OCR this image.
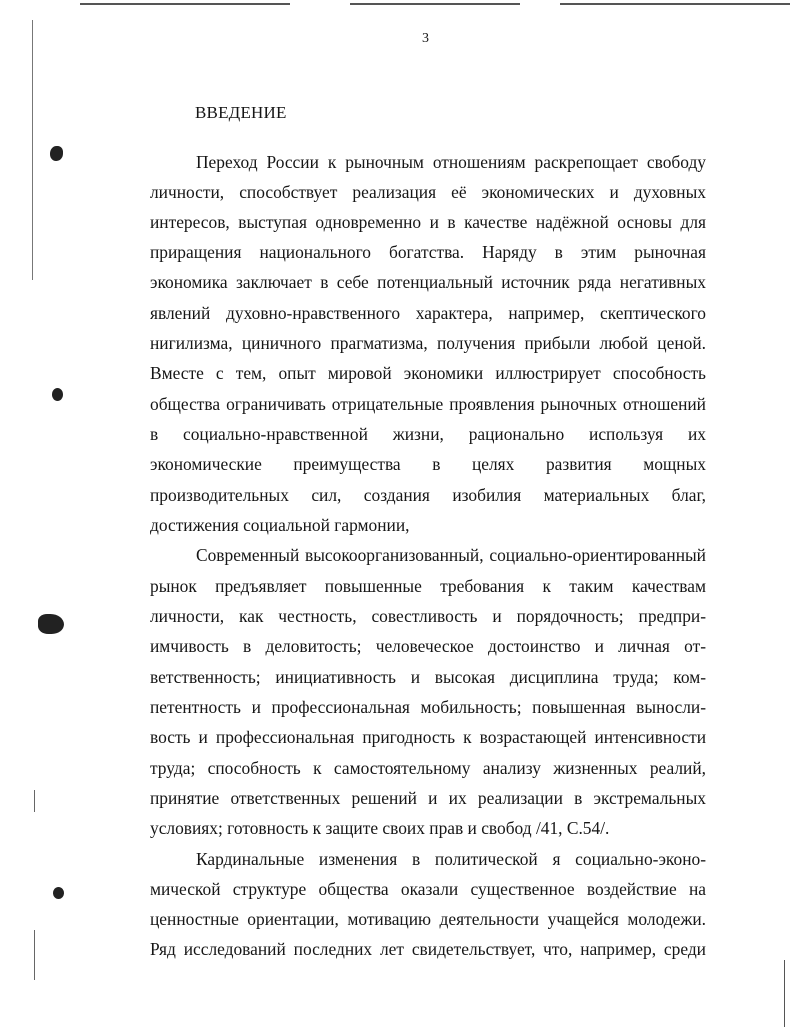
3
ВВЕДЕНИЕ
Переход России к рыночным отношениям раскрепощает свободу
личности, способствует реализация её экономических и духовных
интересов, выступая одновременно и в качестве надёжной основы для
приращения национального богатства. Наряду в этим рыночная
экономика заключает в себе потенциальный источник ряда негативных
явлений духовно-нравственного характера, например, скептического
нигилизма, циничного прагматизма, получения прибыли любой ценой.
Вместе с тем, опыт мировой экономики иллюстрирует способность
общества ограничивать отрицательные проявления рыночных отношений
в социально-нравственной жизни, рационально используя их
экономические преимущества в целях развития мощных
производительных сил, создания изобилия материальных благ,
достижения социальной гармонии,
Современный высокоорганизованный, социально-ориентированный
рынок предъявляет повышенные требования к таким качествам
личности, как честность, совестливость и порядочность; предпри-
имчивость в деловитость; человеческое достоинство и личная от-
ветственность; инициативность и высокая дисциплина труда; ком-
петентность и профессиональная мобильность; повышенная выносли-
вость и профессиональная пригодность к возрастающей интенсивности
труда; способность к самостоятельному анализу жизненных реалий,
принятие ответственных решений и их реализации в экстремальных
условиях; готовность к защите своих прав и свобод /41, С.54/.
Кардинальные изменения в политической я социально-эконо-
мической структуре общества оказали существенное воздействие на
ценностные ориентации, мотивацию деятельности учащейся молодежи.
Ряд исследований последних лет свидетельствует, что, например, среди
